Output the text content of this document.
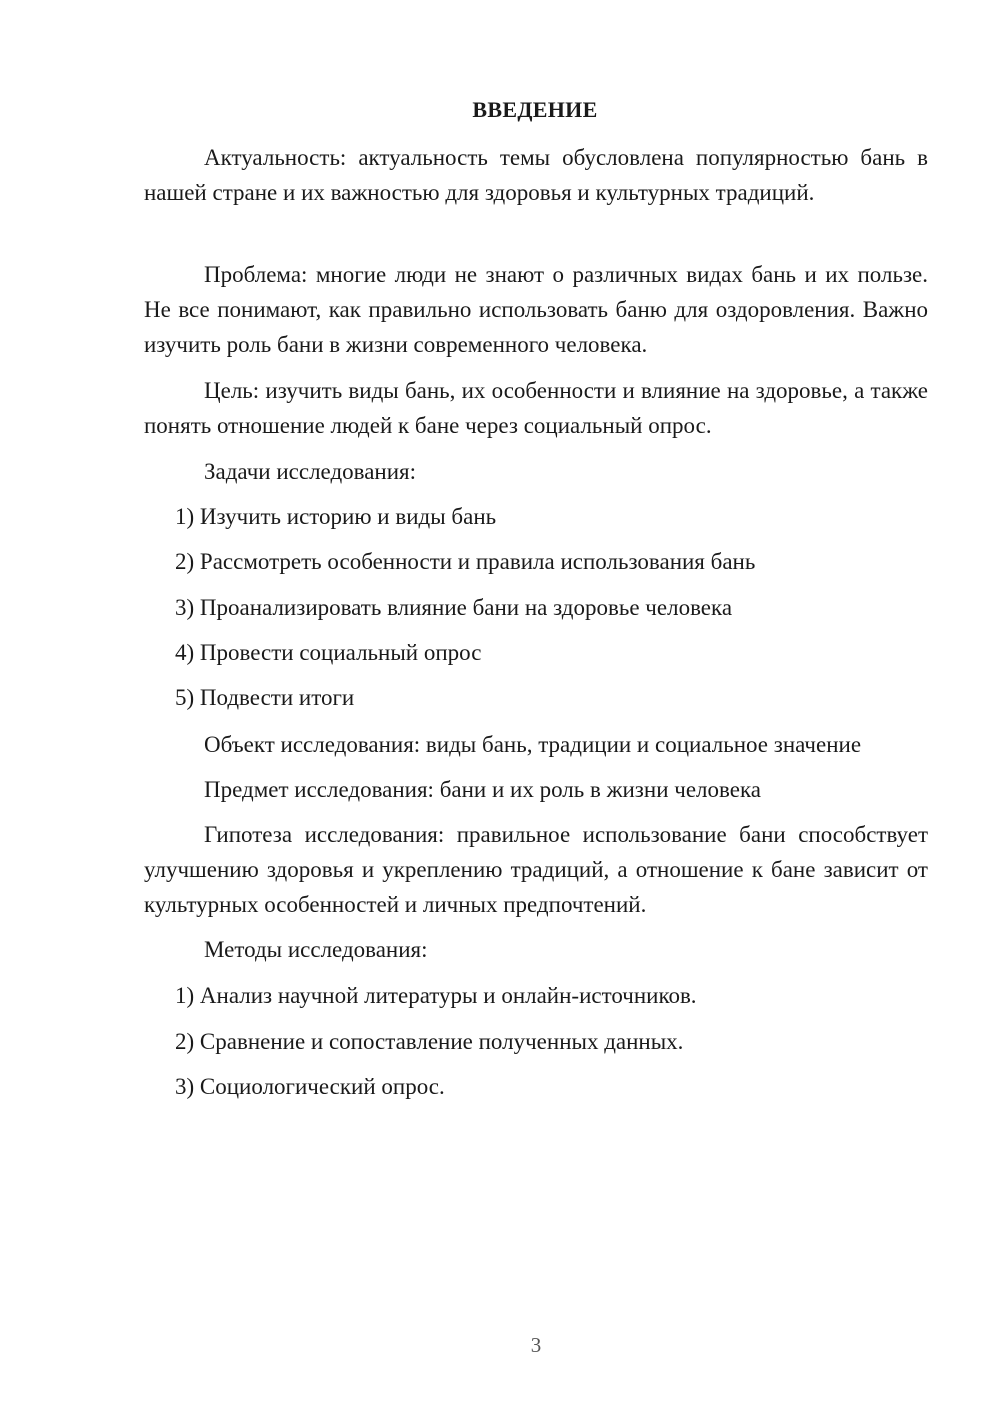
ВВЕДЕНИЕ

Актуальность: актуальность темы обусловлена популярностью бань в нашей стране и их важностью для здоровья и культурных традиций.

Проблема: многие люди не знают о различных видах бань и их пользе. Не все понимают, как правильно использовать баню для оздоровления. Важно изучить роль бани в жизни современного человека.

Цель: изучить виды бань, их особенности и влияние на здоровье, а также понять отношение людей к бане через социальный опрос.

Задачи исследования:
1) Изучить историю и виды бань
2) Рассмотреть особенности и правила использования бань
3) Проанализировать влияние бани на здоровье человека
4) Провести социальный опрос
5) Подвести итоги
Объект исследования: виды бань, традиции и социальное значение
Предмет исследования: бани и их роль в жизни человека

Гипотеза исследования: правильное использование бани способствует улучшению здоровья и укреплению традиций, а отношение к бане зависит от культурных особенностей и личных предпочтений.

Методы исследования:
1) Анализ научной литературы и онлайн-источников.
2) Сравнение и сопоставление полученных данных.
3) Социологический опрос.
3
